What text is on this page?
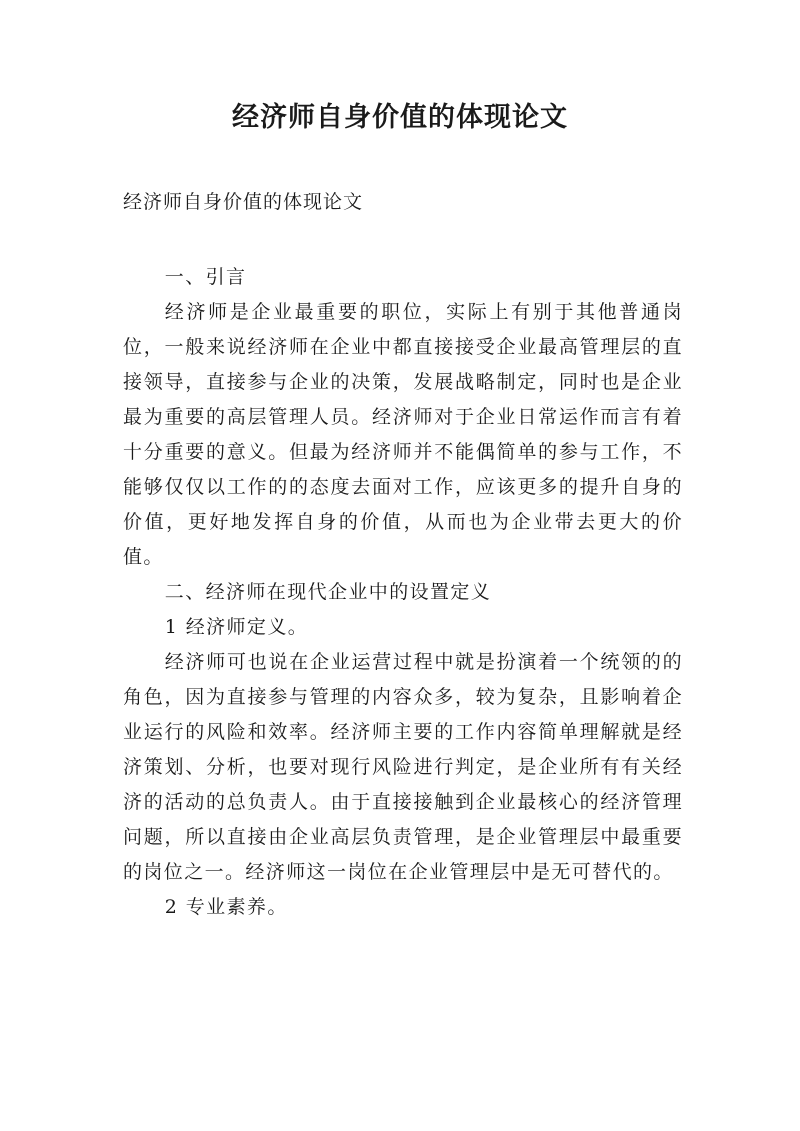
经济师自身价值的体现论文
经济师自身价值的体现论文

一、引言

经济师是企业最重要的职位，实际上有别于其他普通岗位，一般来说经济师在企业中都直接接受企业最高管理层的直接领导，直接参与企业的决策，发展战略制定，同时也是企业最为重要的高层管理人员。经济师对于企业日常运作而言有着十分重要的意义。但最为经济师并不能偶简单的参与工作，不能够仅仅以工作的的态度去面对工作，应该更多的提升自身的价值，更好地发挥自身的价值，从而也为企业带去更大的价值。

二、经济师在现代企业中的设置定义

1 经济师定义。

经济师可也说在企业运营过程中就是扮演着一个统领的的角色，因为直接参与管理的内容众多，较为复杂，且影响着企业运行的风险和效率。经济师主要的工作内容简单理解就是经济策划、分析，也要对现行风险进行判定，是企业所有有关经济的活动的总负责人。由于直接接触到企业最核心的经济管理问题，所以直接由企业高层负责管理，是企业管理层中最重要的岗位之一。经济师这一岗位在企业管理层中是无可替代的。

2 专业素养。
